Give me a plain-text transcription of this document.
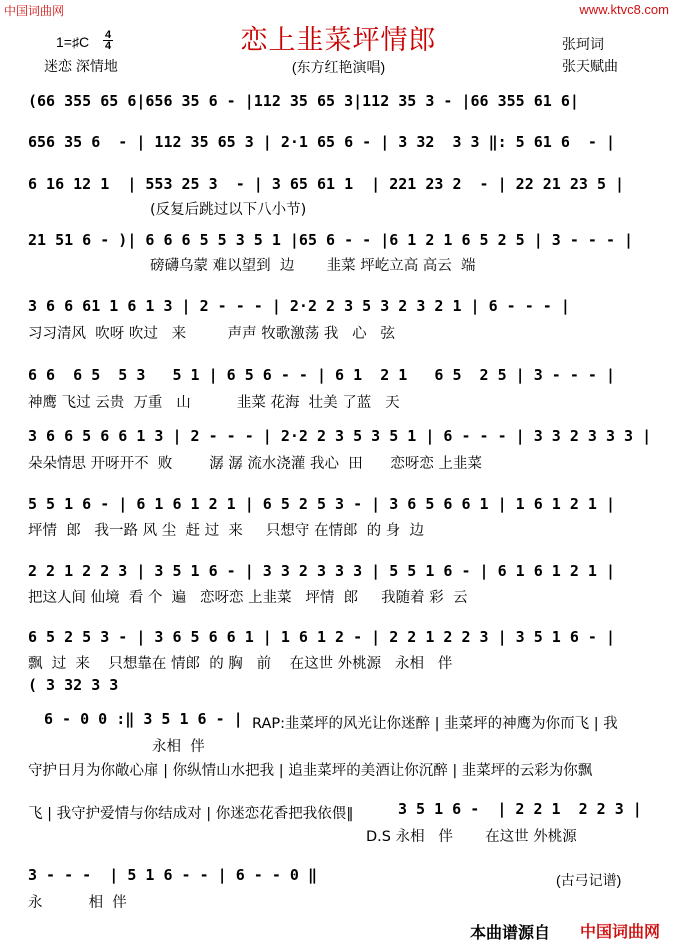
中国词曲网	www.ktvc8.com
恋上韭菜坪情郎
1=♯C 4
4
迷恋 深情地	(东方红艳演唱)
张珂词
张天赋曲
(66 355 65 6|656 35 6 - |112 35 65 3|112 35 3 - |66 355 61 6|
656 35 6  - | 112 35 65 3 | 2·1 65 6 - | 3 32  3 3 ‖: 5 61 6  - |
6 16 12 1  | 553 25 3  - | 3 65 61 1  | 221 23 2  - | 22 21 23 5 |
(反复后跳过以下八小节)
21 51 6 - )| 6 6 6 5 5 3 5 1 |65 6 - - |6 1 2 1 6 5 2 5 | 3 - - - |
磅礴乌蒙 难以望到  边       韭菜 坪屹立高 高云  端
3 6 6 61 1 6 1 3 | 2 - - - | 2·2 2 3 5 3 2 3 2 1 | 6 - - - |
习习清风  吹呀 吹过   来         声声 牧歌激荡 我   心   弦
6 6  6 5  5 3   5 1 | 6 5 6 - - | 6 1  2 1   6 5  2 5 | 3 - - - |
神鹰 飞过 云贵  万重   山          韭菜 花海  壮美 了蓝   天
3 6 6 5 6 6 1 3 | 2 - - - | 2·2 2 3 5 3 5 1 | 6 - - - | 3 3 2 3 3 3 |
朵朵情思 开呀开不  败        潺 潺 流水浇灌 我心  田      恋呀恋 上韭菜
5 5 1 6 - | 6 1 6 1 2 1 | 6 5 2 5 3 - | 3 6 5 6 6 1 | 1 6 1 2 1 |
坪情  郎   我一路 风 尘  赶 过  来     只想守 在情郎  的 身  边
2 2 1 2 2 3 | 3 5 1 6 - | 3 3 2 3 3 3 | 5 5 1 6 - | 6 1 6 1 2 1 |
把这人间 仙境  看 个  遍   恋呀恋 上韭菜   坪情  郎     我随着 彩  云
6 5 2 5 3 - | 3 6 5 6 6 1 | 1 6 1 2 - | 2 2 1 2 2 3 | 3 5 1 6 - |
飘  过  来    只想靠在 情郎  的 胸   前    在这世 外桃源   永相   伴
( 3 32 3 3
6 - 0 0 :‖ 3 5 1 6 - | RAP:韭菜坪的风光让你迷醉 | 韭菜坪的神鹰为你而飞 | 我
永相  伴
守护日月为你敞心扉 | 你纵情山水把我 | 追韭菜坪的美酒让你沉醉 | 韭菜坪的云彩为你飘
飞 | 我守护爱情与你结成对 | 你迷恋花香把我依偎‖	3 5 1 6 -  | 2 2 1  2 2 3 |
D.S 永相   伴       在这世 外桃源
3 - - -  | 5 1 6 - - | 6 - - 0 ‖
永          相  伴
(古弓记谱)
本曲谱源自 中国词曲网
